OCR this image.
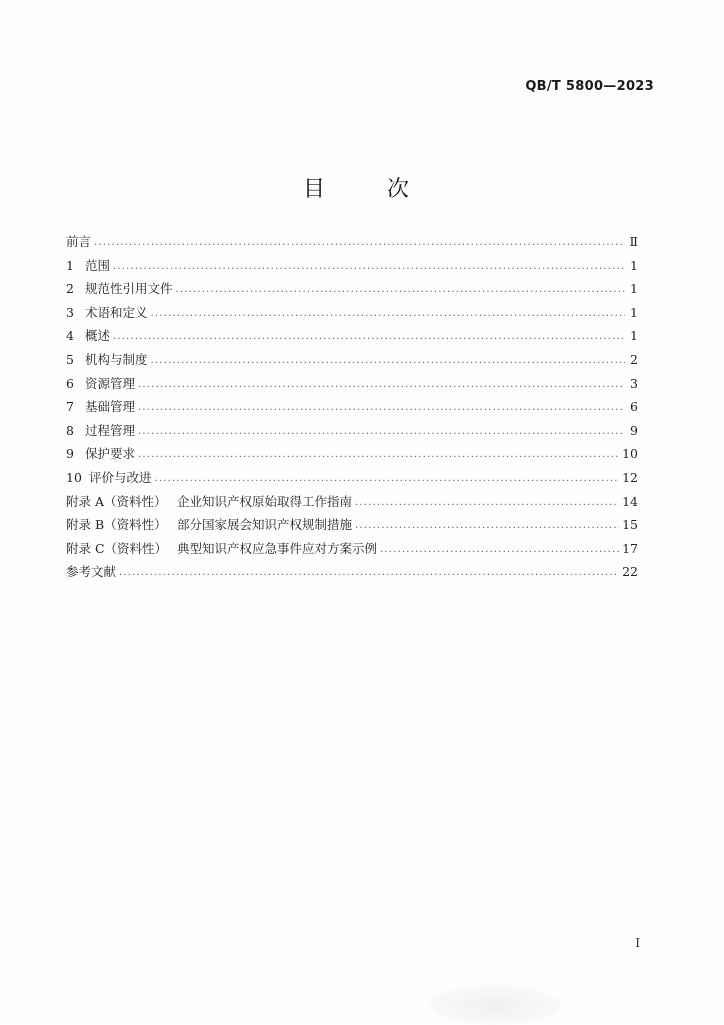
QB/T 5800—2023
目　次
前言 .....	Ⅱ
1 范围 .....	1
2 规范性引用文件 .....	1
3 术语和定义 .....	1
4 概述 .....	1
5 机构与制度 .....	2
6 资源管理 .....	3
7 基础管理 .....	6
8 过程管理 .....	9
9 保护要求 .....	10
10 评价与改进 .....	12
附录 A（资料性） 企业知识产权原始取得工作指南 .....	14
附录 B（资料性） 部分国家展会知识产权规制措施 .....	15
附录 C（资料性） 典型知识产权应急事件应对方案示例 .....	17
参考文献 .....	22
I
